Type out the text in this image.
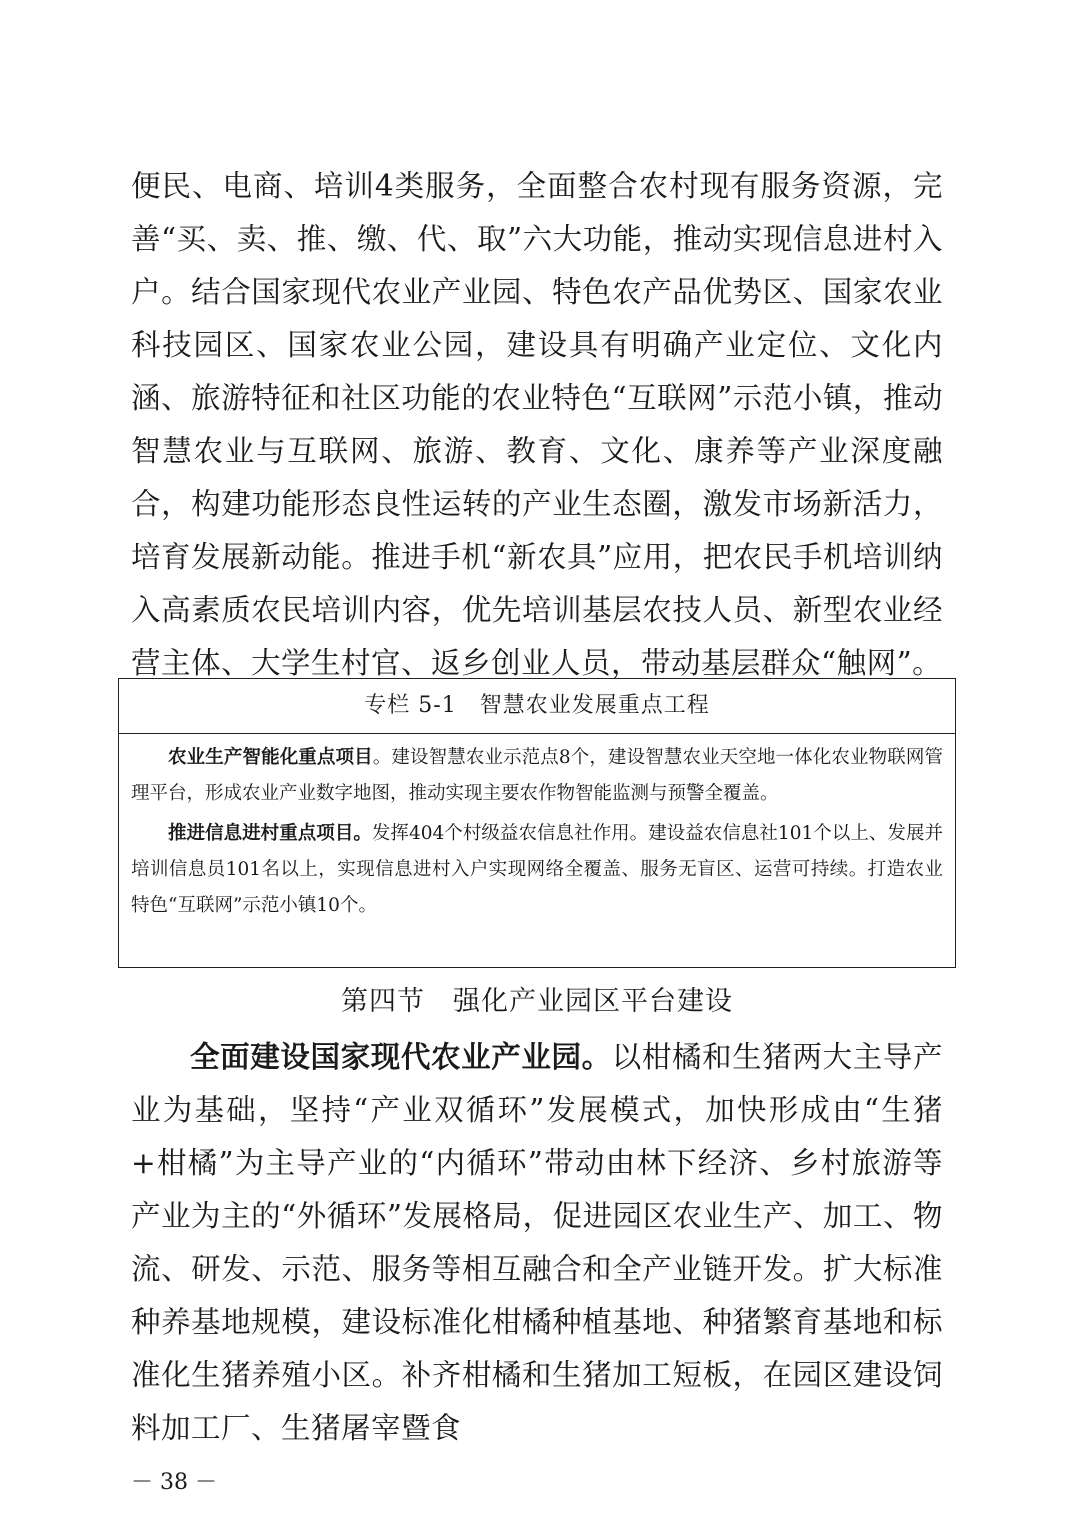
便民、电商、培训4类服务，全面整合农村现有服务资源，完善“买、卖、推、缴、代、取”六大功能，推动实现信息进村入户。结合国家现代农业产业园、特色农产品优势区、国家农业科技园区、国家农业公园，建设具有明确产业定位、文化内涵、旅游特征和社区功能的农业特色“互联网”示范小镇，推动智慧农业与互联网、旅游、教育、文化、康养等产业深度融合，构建功能形态良性运转的产业生态圈，激发市场新活力，培育发展新动能。推进手机“新农具”应用，把农民手机培训纳入高素质农民培训内容，优先培训基层农技人员、新型农业经营主体、大学生村官、返乡创业人员，带动基层群众“触网”。

专栏 5-1　智慧农业发展重点工程

农业生产智能化重点项目。建设智慧农业示范点8个，建设智慧农业天空地一体化农业物联网管理平台，形成农业产业数字地图，推动实现主要农作物智能监测与预警全覆盖。

推进信息进村重点项目。发挥404个村级益农信息社作用。建设益农信息社101个以上、发展并培训信息员101名以上，实现信息进村入户实现网络全覆盖、服务无盲区、运营可持续。打造农业特色“互联网”示范小镇10个。

第四节　强化产业园区平台建设

全面建设国家现代农业产业园。以柑橘和生猪两大主导产业为基础，坚持“产业双循环”发展模式，加快形成由“生猪+柑橘”为主导产业的“内循环”带动由林下经济、乡村旅游等产业为主的“外循环”发展格局，促进园区农业生产、加工、物流、研发、示范、服务等相互融合和全产业链开发。扩大标准种养基地规模，建设标准化柑橘种植基地、种猪繁育基地和标准化生猪养殖小区。补齐柑橘和生猪加工短板，在园区建设饲料加工厂、生猪屠宰暨食

－ 38 －
